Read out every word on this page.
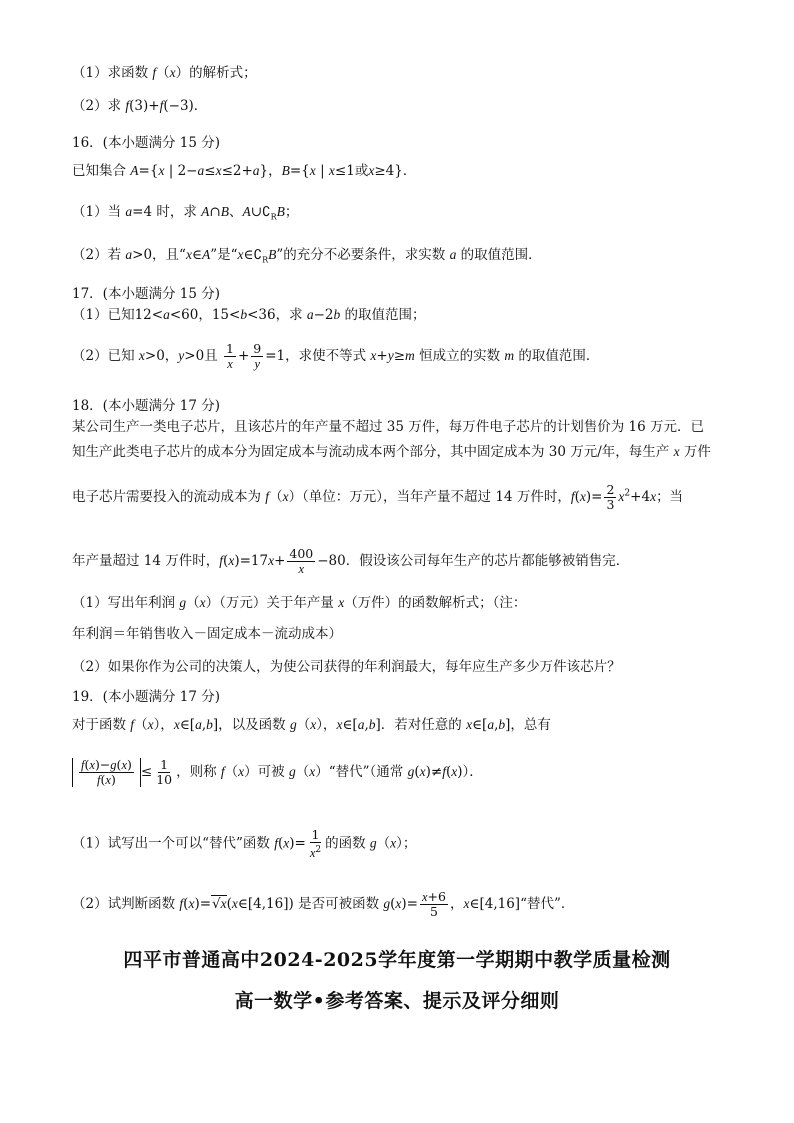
（1）求函数 f（x）的解析式；
（2）求 f(3)+f(−3)．
16．(本小题满分 15 分)
已知集合 A={x | 2−a≤x≤2+a}，B={x | x≤1或x≥4}．
（1）当 a=4 时，求 A∩B、$A\cup∁_RB$；
（2）若 a>0，且“x∈A”是“$x\in∁_RB$”的充分不必要条件，求实数 a 的取值范围．
17．(本小题满分 15 分)
（1）已知12<a<60，15<b<36，求 a−2b 的取值范围；
（2）已知 x>0，y>0且 $\frac{1}{x} + \frac{9}{y} =1$，求使不等式 x+y≥m 恒成立的实数 m 的取值范围．
18．(本小题满分 17 分)
某公司生产一类电子芯片，且该芯片的年产量不超过 35 万件，每万件电子芯片的计划售价为 16 万元．已
知生产此类电子芯片的成本分为固定成本与流动成本两个部分，其中固定成本为 30 万元/年，每生产 x 万件
电子芯片需要投入的流动成本为 f（x）（单位：万元），当年产量不超过 14 万件时，$f(x)= \frac{2}{3} x^2+4x$；当
年产量超过 14 万件时，$f(x)=17x+ \frac{400}{x} -80$．假设该公司每年生产的芯片都能够被销售完．
（1）写出年利润 g（x）（万元）关于年产量 x（万件）的函数解析式；（注：
年利润＝年销售收入－固定成本－流动成本）
（2）如果你作为公司的决策人，为使公司获得的年利润最大，每年应生产多少万件该芯片？
19．(本小题满分 17 分)
对于函数 f（x），x∈[a,b]，以及函数 g（x），x∈[a,b]．若对任意的 x∈[a,b]，总有
$\frac{f(x)-g(x)}{f(x)} \le \frac{1}{10}$ ，则称 f（x）可被 g（x）“替代”（通常 g(x)≠f(x)）．
（1）试写出一个可以“替代”函数 $f(x)= \frac{1}{x^2}$ 的函数 g（x）；
（2）试判断函数 f(x)=√x(x∈[4,16]) 是否可被函数 $g(x)= \frac{x+6}{5}$ ，x∈[4,16]“替代”．
四平市普通高中2024-2025学年度第一学期期中教学质量检测
高一数学•参考答案、提示及评分细则
